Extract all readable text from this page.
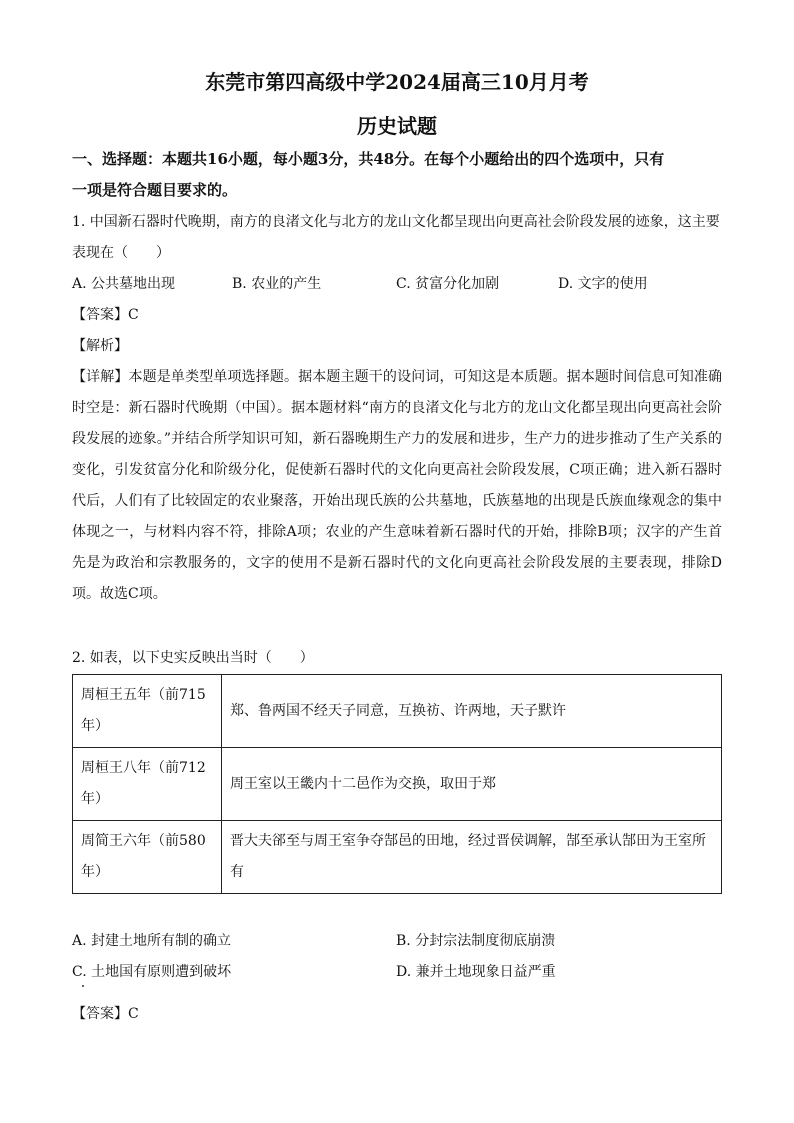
东莞市第四高级中学2024届高三10月月考
历史试题
一、选择题：本题共16小题，每小题3分，共48分。在每个小题给出的四个选项中，只有
一项是符合题目要求的。
1. 中国新石器时代晚期，南方的良渚文化与北方的龙山文化都呈现出向更高社会阶段发展的迹象，这主要
表现在（　　）
A. 公共墓地出现	B. 农业的产生	C. 贫富分化加剧	D. 文字的使用
【答案】C
【解析】
【详解】本题是单类型单项选择题。据本题主题干的设问词，可知这是本质题。据本题时间信息可知准确时空是：新石器时代晚期（中国）。据本题材料“南方的良渚文化与北方的龙山文化都呈现出向更高社会阶段发展的迹象。”并结合所学知识可知，新石器晚期生产力的发展和进步，生产力的进步推动了生产关系的变化，引发贫富分化和阶级分化，促使新石器时代的文化向更高社会阶段发展，C项正确；进入新石器时代后，人们有了比较固定的农业聚落，开始出现氏族的公共墓地，氏族墓地的出现是氏族血缘观念的集中体现之一，与材料内容不符，排除A项；农业的产生意味着新石器时代的开始，排除B项；汉字的产生首先是为政治和宗教服务的，文字的使用不是新石器时代的文化向更高社会阶段发展的主要表现，排除D项。故选C项。
2. 如表，以下史实反映出当时（　　）
周桓王五年（前715年）	郑、鲁两国不经天子同意，互换祊、许两地，天子默许
周桓王八年（前712年）	周王室以王畿内十二邑作为交换，取田于郑
周简王六年（前580年）	晋大夫郤至与周王室争夺郜邑的田地，经过晋侯调解，郜至承认郜田为王室所有
A. 封建土地所有制的确立	B. 分封宗法制度彻底崩溃
C. 土地国有原则遭到破坏	D. 兼并土地现象日益严重
【答案】C
